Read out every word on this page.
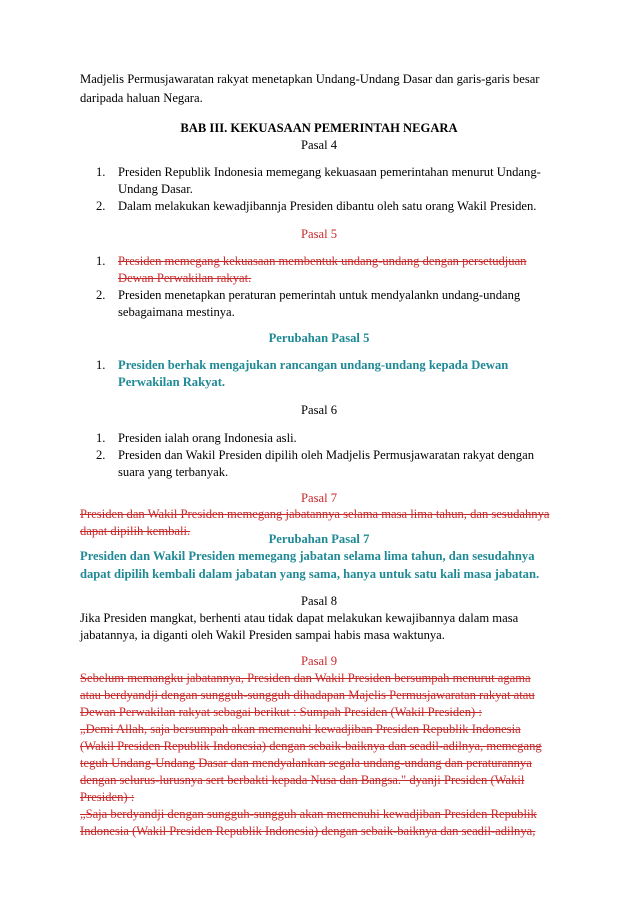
Madjelis Permusjawaratan rakyat menetapkan Undang-Undang Dasar dan garis-garis besar
daripada haluan Negara.
BAB III. KEKUASAAN PEMERINTAH NEGARA
Pasal 4
1. Presiden Republik Indonesia memegang kekuasaan pemerintahan menurut Undang-
Undang Dasar.
2. Dalam melakukan kewadjibannja Presiden dibantu oleh satu orang Wakil Presiden.
Pasal 5
1. Presiden memegang kekuasaan membentuk undang-undang dengan persetudjuan
Dewan Perwakilan rakyat.
2. Presiden menetapkan peraturan pemerintah untuk mendyalankn undang-undang
sebagaimana mestinya.
Perubahan Pasal 5
1. Presiden berhak mengajukan rancangan undang-undang kepada Dewan
Perwakilan Rakyat.
Pasal 6
1. Presiden ialah orang Indonesia asli.
2. Presiden dan Wakil Presiden dipilih oleh Madjelis Permusjawaratan rakyat dengan
suara yang terbanyak.
Pasal 7
Presiden dan Wakil Presiden memegang jabatannya selama masa lima tahun, dan sesudahnya
dapat dipilih kembali.
Perubahan Pasal 7
Presiden dan Wakil Presiden memegang jabatan selama lima tahun, dan sesudahnya
dapat dipilih kembali dalam jabatan yang sama, hanya untuk satu kali masa jabatan.
Pasal 8
Jika Presiden mangkat, berhenti atau tidak dapat melakukan kewajibannya dalam masa
jabatannya, ia diganti oleh Wakil Presiden sampai habis masa waktunya.
Pasal 9
Sebelum memangku jabatannya, Presiden dan Wakil Presiden bersumpah menurut agama
atau berdyandji dengan sungguh-sungguh dihadapan Majelis Permusjawaratan rakyat atau
Dewan Perwakilan rakyat sebagai berikut : Sumpah Presiden (Wakil Presiden) :
„Demi Allah, saja bersumpah akan memenuhi kewadjiban Presiden Republik Indonesia
(Wakil Presiden Republik Indonesia) dengan sebaik-baiknya dan seadil-adilnya, memegang
teguh Undang-Undang Dasar dan mendyalankan segala undang-undang dan peraturannya
dengan selurus-lurusnya sert berbakti kepada Nusa dan Bangsa." dyanji Presiden (Wakil
Presiden) :
„Saja berdyandji dengan sungguh-sungguh akan memenuhi kewadjiban Presiden Republik
Indonesia (Wakil Presiden Republik Indonesia) dengan sebaik-baiknya dan seadil-adilnya,
